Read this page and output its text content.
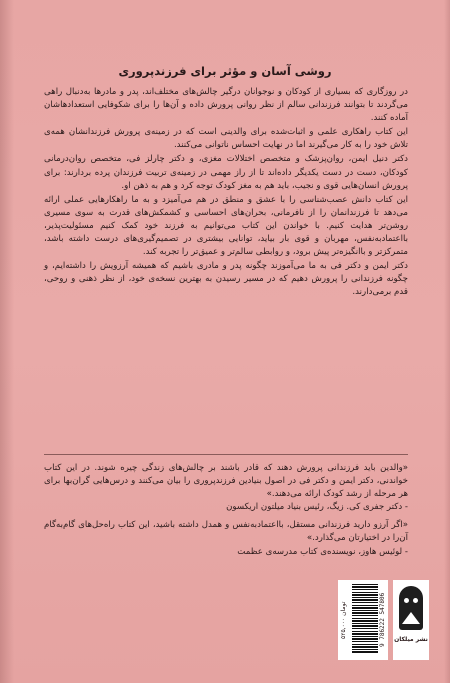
روشی آسان و مؤثر برای فرزندپروری

در روزگاری که بسیاری از کودکان و نوجوانان درگیر چالش‌های مختلف‌اند، پدر و مادرها به‌دنبال راهی می‌گردند تا بتوانند فرزندانی سالم از نظر روانی پرورش داده و آن‌ها را برای شکوفایی استعدادهاشان آماده کنند.

این کتاب راهکاری علمی و اثبات‌شده برای والدینی است که در زمینه‌ی پرورش فرزندانشان همه‌ی تلاش خود را به کار می‌گیرند اما در نهایت احساس ناتوانی می‌کنند.

دکتر دنیل ایمن، روان‌پزشک و متخصص اختلالات مغزی، و دکتر چارلز فی، متخصص روان‌درمانی کودکان، دست در دست یکدیگر داده‌اند تا از راز مهمی در زمینه‌ی تربیت فرزندان پرده بردارند: برای پرورش انسان‌هایی قوی و نجیب، باید هم به مغز کودک توجه کرد و هم به ذهن او.

این کتاب دانش عصب‌شناسی را با عشق و منطق در هم می‌آمیزد و به ما راهکارهایی عملی ارائه می‌دهد تا فرزندانمان را از نافرمانی، بحران‌های احساسی و کشمکش‌های قدرت به سوی مسیری روشن‌تر هدایت کنیم. با خواندن این کتاب می‌توانیم به فرزند خود کمک کنیم مسئولیت‌پذیر، بااعتمادبه‌نفس، مهربان و قوی بار بیاید، توانایی بیشتری در تصمیم‌گیری‌های درست داشته باشد، متمرکزتر و باانگیزه‌تر پیش برود، و روابطی سالم‌تر و عمیق‌تر را تجربه کند.

دکتر ایمن و دکتر فی به ما می‌آموزند چگونه پدر و مادری باشیم که همیشه آرزویش را داشته‌ایم، و چگونه فرزندانی را پرورش دهیم که در مسیر رسیدن به بهترین نسخه‌ی خود، از نظر ذهنی و روحی، قدم برمی‌دارند.

«والدین باید فرزندانی پرورش دهند که قادر باشند بر چالش‌های زندگی چیره شوند. در این کتاب خواندنی، دکتر ایمن و دکتر فی در اصول بنیادین فرزندپروری را بیان می‌کنند و درس‌هایی گران‌بها برای هر مرحله از رشد کودک ارائه می‌دهند.»

- دکتر جفری کی. زیگ، رئیس بنیاد میلتون اریکسون

«اگر آرزو دارید فرزندانی مستقل، بااعتمادبه‌نفس و همدل داشته باشید، این کتاب راه‌حل‌های گام‌به‌گام آن‌را در اختیارتان می‌گذارد.»

- لوئیس هاوز، نویسنده‌ی کتاب مدرسه‌ی عظمت

۵۲۵,۰۰۰ تومان	9 786222 547806 نشر میلکان
